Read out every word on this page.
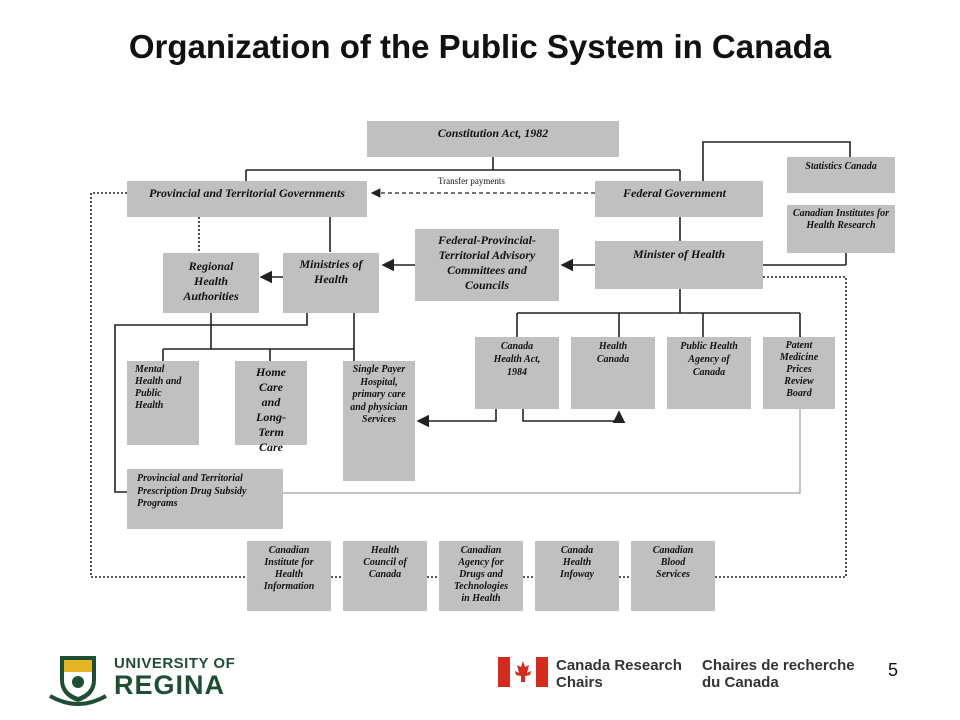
Organization of the Public System in Canada
Constitution Act, 1982
Provincial and Territorial Governments	Federal Government
Transfer payments
Statistics Canada
Canadian Institutes for Health Research
Regional Health Authorities
Ministries of Health
Federal-Provincial-Territorial Advisory Committees and Councils
Minister of Health
Canada Health Act, 1984
Health Canada
Public Health Agency of Canada
Patent Medicine Prices Review Board
Mental Health and Public Health
Home Care and Long-Term Care
Single Payer Hospital, primary care and physician Services
Provincial and Territorial Prescription Drug Subsidy Programs
Canadian Institute for Health Information
Health Council of Canada
Canadian Agency for Drugs and Technologies in Health
Canada Health Infoway
Canadian Blood Services
UNIVERSITY OF
REGINA
Canada Research
Chairs
Chaires de recherche
du Canada
5
